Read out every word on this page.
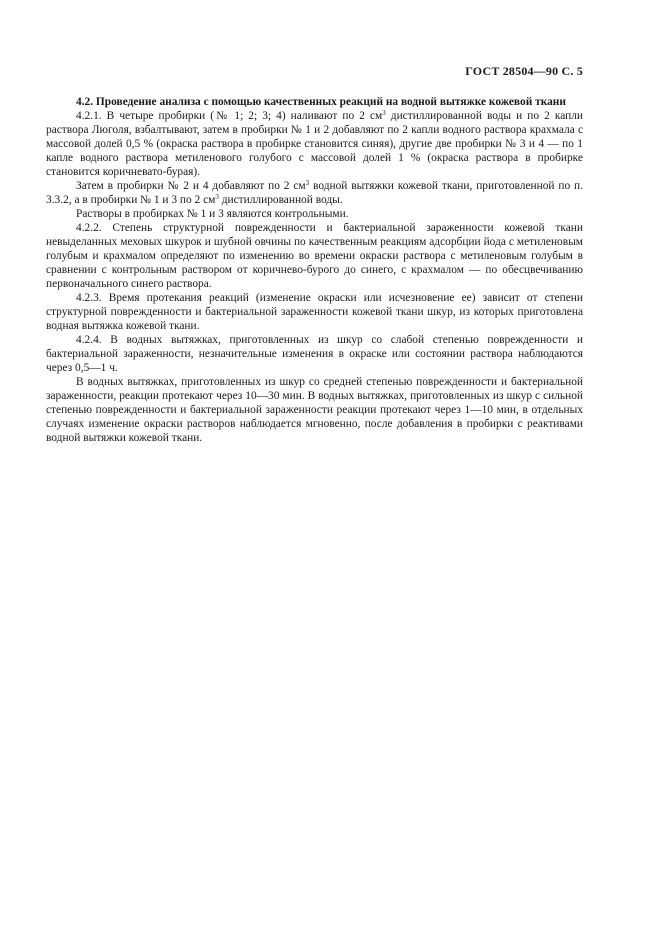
ГОСТ 28504—90 С. 5

4.2. Проведение анализа с помощью качественных реакций на водной вытяжке кожевой ткани

4.2.1. В четыре пробирки (№ 1; 2; 3; 4) наливают по 2 $см^3$ дистиллированной воды и по 2 капли раствора Люголя, взбалтывают, затем в пробирки № 1 и 2 добавляют по 2 капли водного раствора крахмала с массовой долей 0,5 % (окраска раствора в пробирке становится синяя), другие две пробирки № 3 и 4 — по 1 капле водного раствора метиленового голубого с массовой долей 1 % (окраска раствора в пробирке становится коричневато-бурая).

Затем в пробирки № 2 и 4 добавляют по 2 $см^3$ водной вытяжки кожевой ткани, приготовленной по п. 3.3.2, а в пробирки № 1 и 3 по 2 $см^3$ дистиллированной воды.

Растворы в пробирках № 1 и 3 являются контрольными.

4.2.2. Степень структурной поврежденности и бактериальной зараженности кожевой ткани невыделанных меховых шкурок и шубной овчины по качественным реакциям адсорбции йода с метиленовым голубым и крахмалом определяют по изменению во времени окраски раствора с метиленовым голубым в сравнении с контрольным раствором от коричнево-бурого до синего, с крахмалом — по обесцвечиванию первоначального синего раствора.

4.2.3. Время протекания реакций (изменение окраски или исчезновение ее) зависит от степени структурной поврежденности и бактериальной зараженности кожевой ткани шкур, из которых приготовлена водная вытяжка кожевой ткани.

4.2.4. В водных вытяжках, приготовленных из шкур со слабой степенью поврежденности и бактериальной зараженности, незначительные изменения в окраске или состоянии раствора наблюдаются через 0,5—1 ч.

В водных вытяжках, приготовленных из шкур со средней степенью поврежденности и бактериальной зараженности, реакции протекают через 10—30 мин. В водных вытяжках, приготовленных из шкур с сильной степенью поврежденности и бактериальной зараженности реакции протекают через 1—10 мин, в отдельных случаях изменение окраски растворов наблюдается мгновенно, после добавления в пробирки с реактивами водной вытяжки кожевой ткани.
